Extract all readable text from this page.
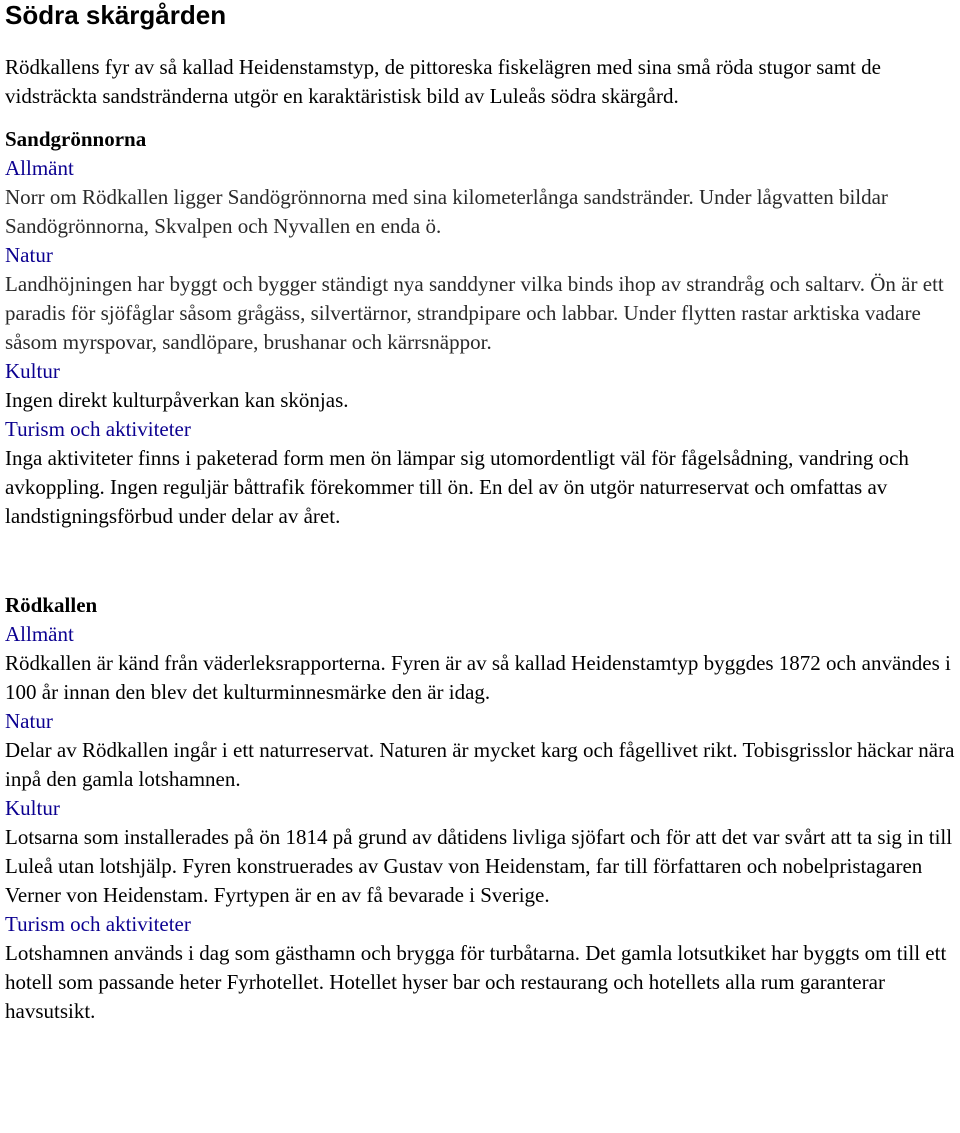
Södra skärgården

Rödkallens fyr av så kallad Heidenstamstyp, de pittoreska fiskelägren med sina små röda stugor samt de vidsträckta sandstränderna utgör en karaktäristisk bild av Luleås södra skärgård.

Sandgrönnorna
Allmänt

Norr om Rödkallen ligger Sandögrönnorna med sina kilometerlånga sandstränder. Under lågvatten bildar Sandögrönnorna, Skvalpen och Nyvallen en enda ö.

Natur

Landhöjningen har byggt och bygger ständigt nya sanddyner vilka binds ihop av strandråg och saltarv. Ön är ett paradis för sjöfåglar såsom grågäss, silvertärnor, strandpipare och labbar. Under flytten rastar arktiska vadare såsom myrspovar, sandlöpare, brushanar och kärrsnäppor.

Kultur

Ingen direkt kulturpåverkan kan skönjas.

Turism och aktiviteter

Inga aktiviteter finns i paketerad form men ön lämpar sig utomordentligt väl för fågelsådning, vandring och avkoppling. Ingen reguljär båttrafik förekommer till ön. En del av ön utgör naturreservat och omfattas av landstigningsförbud under delar av året.

Rödkallen
Allmänt

Rödkallen är känd från väderleksrapporterna. Fyren är av så kallad Heidenstamtyp byggdes 1872 och användes i 100 år innan den blev det kulturminnesmärke den är idag.

Natur

Delar av Rödkallen ingår i ett naturreservat. Naturen är mycket karg och fågellivet rikt. Tobisgrisslor häckar nära inpå den gamla lotshamnen.

Kultur

Lotsarna som installerades på ön 1814 på grund av dåtidens livliga sjöfart och för att det var svårt att ta sig in till Luleå utan lotshjälp. Fyren konstruerades av Gustav von Heidenstam, far till författaren och nobelpristagaren Verner von Heidenstam. Fyrtypen är en av få bevarade i Sverige.

Turism och aktiviteter

Lotshamnen används i dag som gästhamn och brygga för turbåtarna. Det gamla lotsutkiket har byggts om till ett hotell som passande heter Fyrhotellet. Hotellet hyser bar och restaurang och hotellets alla rum garanterar havsutsikt.
